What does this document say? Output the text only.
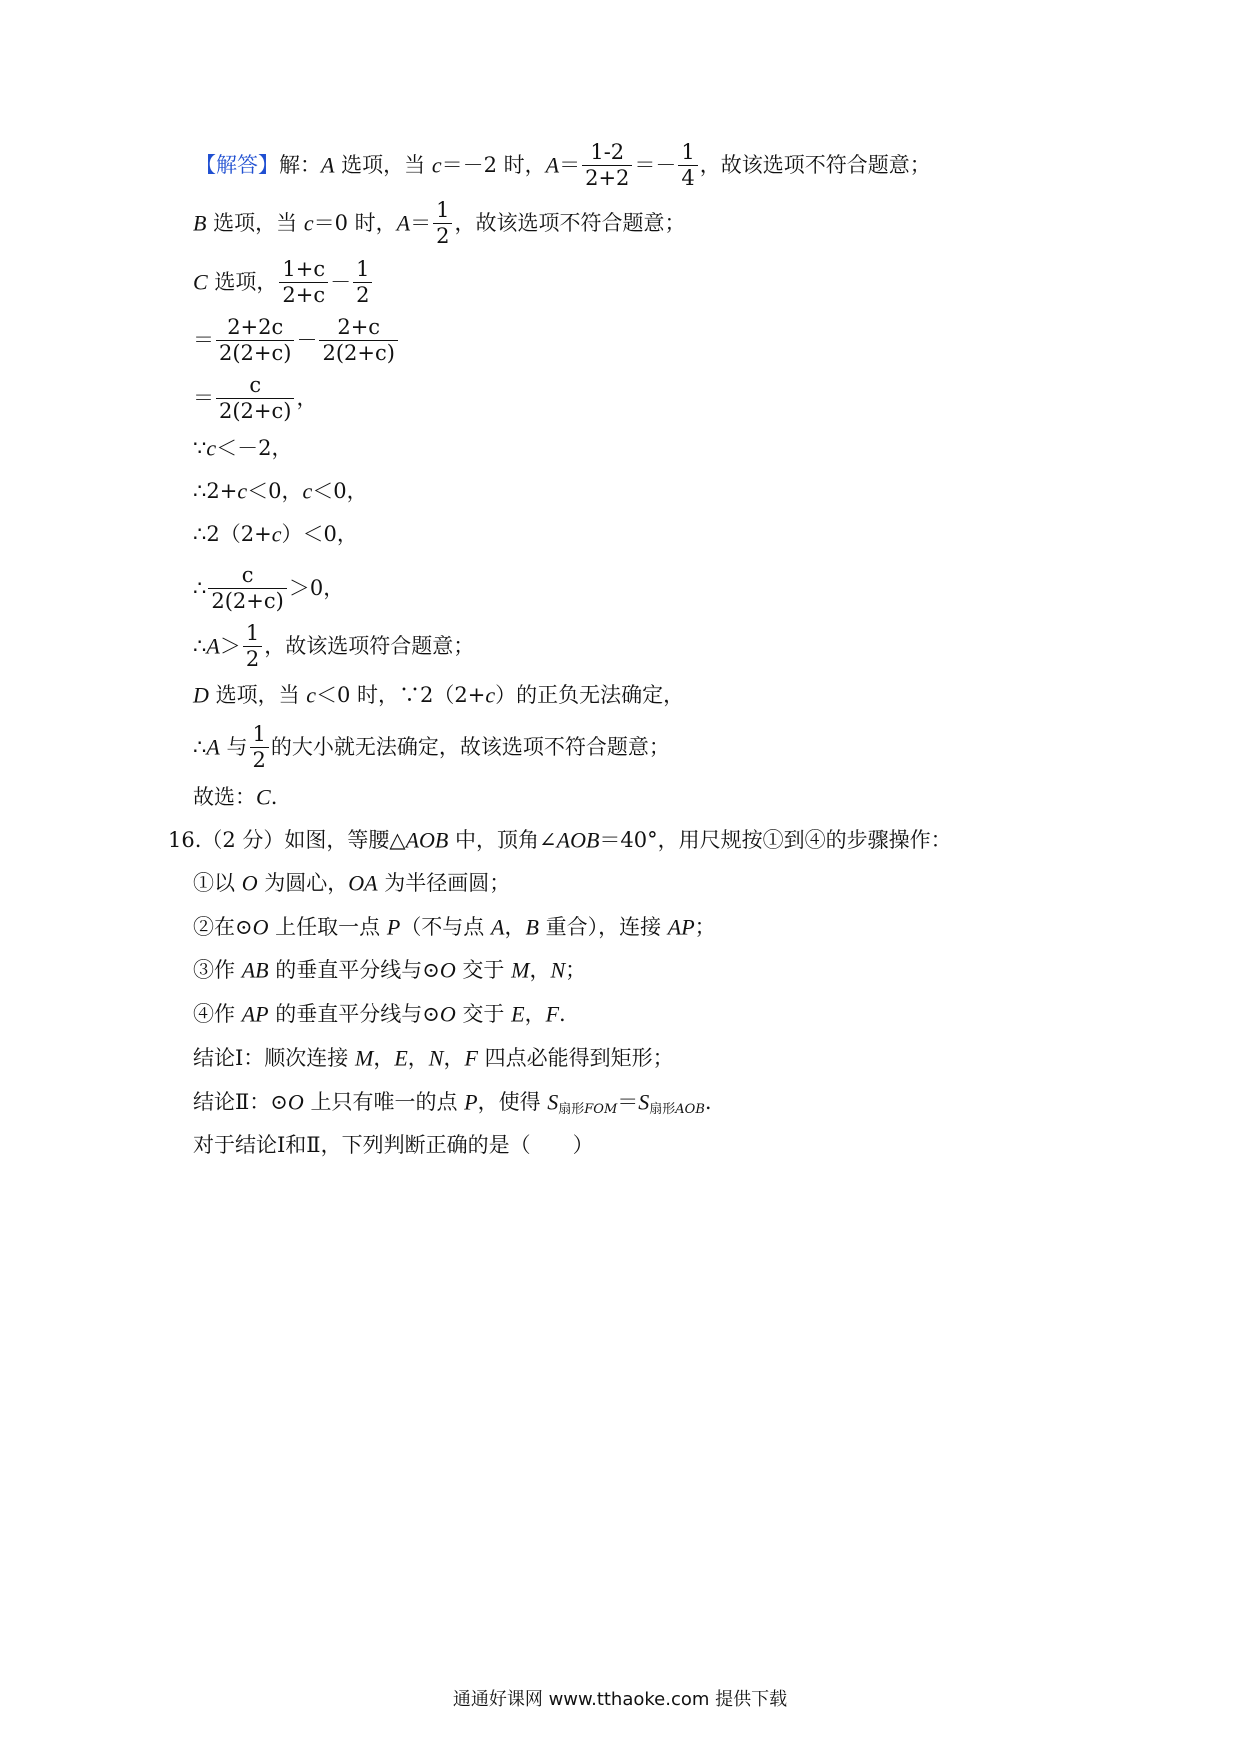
【解答】解：A 选项，当 c＝－2 时，$A= \frac{1-2}{2+2} =- \frac{1}{4}$ ，故该选项不符合题意；
B 选项，当 c＝0 时，$A= \frac{1}{2}$ ，故该选项不符合题意；
C 选项， $\frac{1+c}{2+c} - \frac{1}{2}$
＝ $\frac{2+2c}{2(2+c)} - \frac{2+c}{2(2+c)}$
＝ $\frac{c}{2(2+c)}$ ，
∵c＜－2，
∴2+c＜0，c＜0，
∴2（2+c）＜0，
∴ $\frac{c}{2(2+c)} >0$，
∴A＞ $\frac{1}{2}$ ，故该选项符合题意；
D 选项，当 c＜0 时，∵2（2+c）的正负无法确定，
∴A 与 $\frac{1}{2}$ 的大小就无法确定，故该选项不符合题意；
故选：C.
16.（2 分）如图，等腰△AOB 中，顶角∠AOB＝40°，用尺规按①到④的步骤操作：
①以 O 为圆心，OA 为半径画圆；
②在⊙O 上任取一点 P（不与点 A，B 重合），连接 AP；
③作 AB 的垂直平分线与⊙O 交于 M，N；
④作 AP 的垂直平分线与⊙O 交于 E，F.
结论Ⅰ：顺次连接 M，E，N，F 四点必能得到矩形；
结论Ⅱ：⊙O 上只有唯一的点 P，使得 $S_{扇形FOM}=S_{扇形AOB}$.
对于结论Ⅰ和Ⅱ，下列判断正确的是（　　）
通通好课网 www.tthaoke.com 提供下载
